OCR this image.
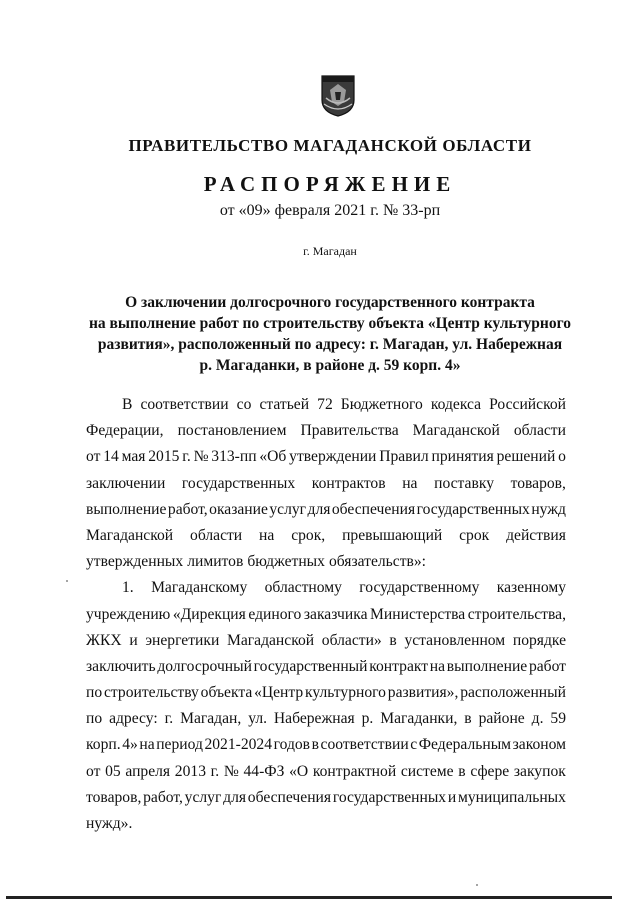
ПРАВИТЕЛЬСТВО МАГАДАНСКОЙ ОБЛАСТИ
РАСПОРЯЖЕНИЕ
от «09» февраля 2021 г. № 33-рп
г. Магадан
О заключении долгосрочного государственного контракта
на выполнение работ по строительству объекта «Центр культурного
развития», расположенный по адресу: г. Магадан, ул. Набережная
р. Магаданки, в районе д. 59 корп. 4»
В соответствии со статьей 72 Бюджетного кодекса Российской
Федерации, постановлением Правительства Магаданской области
от 14 мая 2015 г. № 313-пп «Об утверждении Правил принятия решений о
заключении государственных контрактов на поставку товаров,
выполнение работ, оказание услуг для обеспечения государственных нужд
Магаданской области на срок, превышающий срок действия
утвержденных лимитов бюджетных обязательств»:
1. Магаданскому областному государственному казенному
учреждению «Дирекция единого заказчика Министерства строительства,
ЖКХ и энергетики Магаданской области» в установленном порядке
заключить долгосрочный государственный контракт на выполнение работ
по строительству объекта «Центр культурного развития», расположенный
по адресу: г. Магадан, ул. Набережная р. Магаданки, в районе д. 59
корп. 4» на период 2021-2024 годов в соответствии с Федеральным законом
от 05 апреля 2013 г. № 44-ФЗ «О контрактной системе в сфере закупок
товаров, работ, услуг для обеспечения государственных и муниципальных
нужд».
